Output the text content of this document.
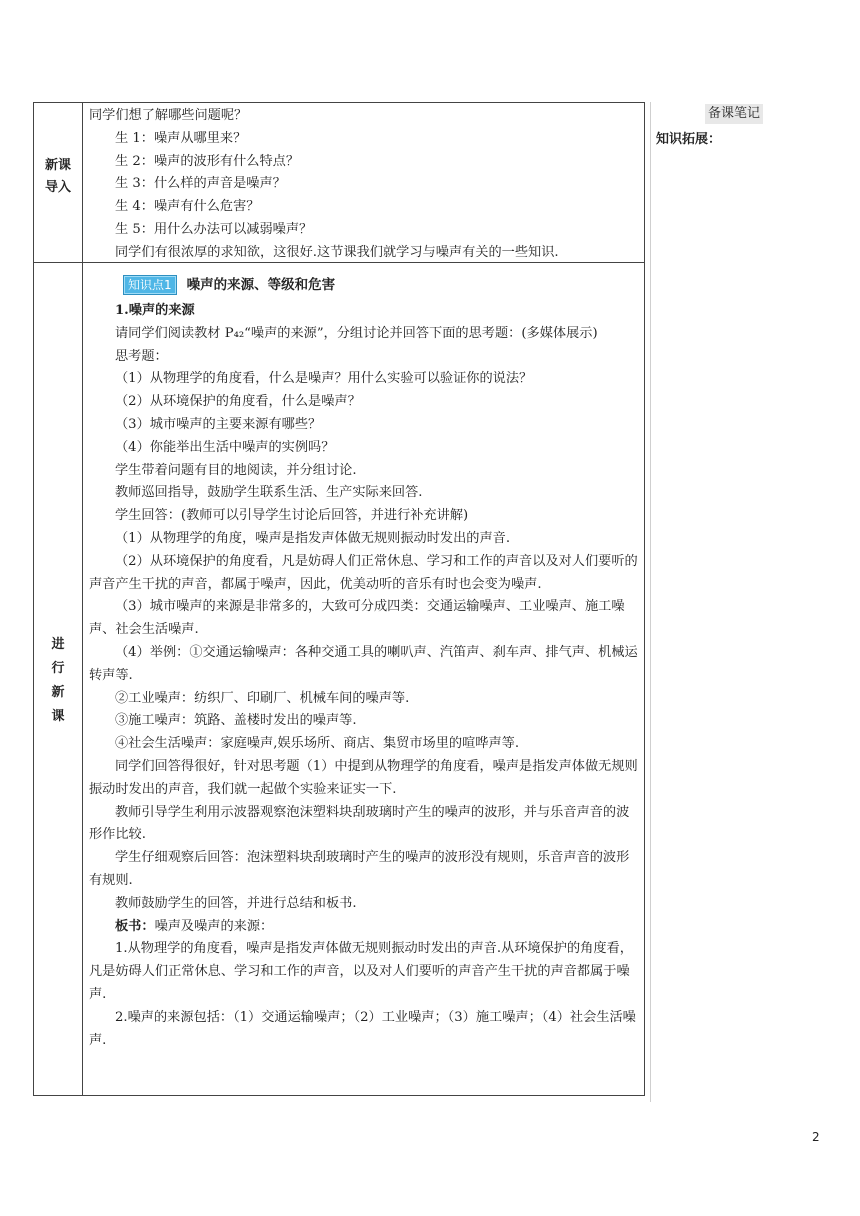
新课
导入
进
行
新
课

同学们想了解哪些问题呢？

生 1：噪声从哪里来？

生 2：噪声的波形有什么特点？

生 3：什么样的声音是噪声？

生 4：噪声有什么危害？

生 5：用什么办法可以减弱噪声？

同学们有很浓厚的求知欲，这很好.这节课我们就学习与噪声有关的一些知识.

知识点1	噪声的来源、等级和危害

1.噪声的来源

请同学们阅读教材 P₄₂“噪声的来源”，分组讨论并回答下面的思考题：(多媒体展示)

思考题：

（1）从物理学的角度看，什么是噪声？用什么实验可以验证你的说法？

（2）从环境保护的角度看，什么是噪声？

（3）城市噪声的主要来源有哪些？

（4）你能举出生活中噪声的实例吗？

学生带着问题有目的地阅读，并分组讨论.

教师巡回指导，鼓励学生联系生活、生产实际来回答.

学生回答：(教师可以引导学生讨论后回答，并进行补充讲解)

（1）从物理学的角度，噪声是指发声体做无规则振动时发出的声音.

（2）从环境保护的角度看，凡是妨碍人们正常休息、学习和工作的声音以及对人们要听的声音产生干扰的声音，都属于噪声，因此，优美动听的音乐有时也会变为噪声.

（3）城市噪声的来源是非常多的，大致可分成四类：交通运输噪声、工业噪声、施工噪声、社会生活噪声.

（4）举例：①交通运输噪声：各种交通工具的喇叭声、汽笛声、刹车声、排气声、机械运转声等.

②工业噪声：纺织厂、印刷厂、机械车间的噪声等.

③施工噪声：筑路、盖楼时发出的噪声等.

④社会生活噪声：家庭噪声,娱乐场所、商店、集贸市场里的喧哗声等.

同学们回答得很好，针对思考题（1）中提到从物理学的角度看，噪声是指发声体做无规则振动时发出的声音，我们就一起做个实验来证实一下.

教师引导学生利用示波器观察泡沫塑料块刮玻璃时产生的噪声的波形，并与乐音声音的波形作比较.

学生仔细观察后回答：泡沫塑料块刮玻璃时产生的噪声的波形没有规则，乐音声音的波形有规则.

教师鼓励学生的回答，并进行总结和板书.

板书：噪声及噪声的来源：

1.从物理学的角度看，噪声是指发声体做无规则振动时发出的声音.从环境保护的角度看，凡是妨碍人们正常休息、学习和工作的声音，以及对人们要听的声音产生干扰的声音都属于噪声.

2.噪声的来源包括：（1）交通运输噪声；（2）工业噪声；（3）施工噪声；（4）社会生活噪声.

备课笔记
知识拓展：
2
